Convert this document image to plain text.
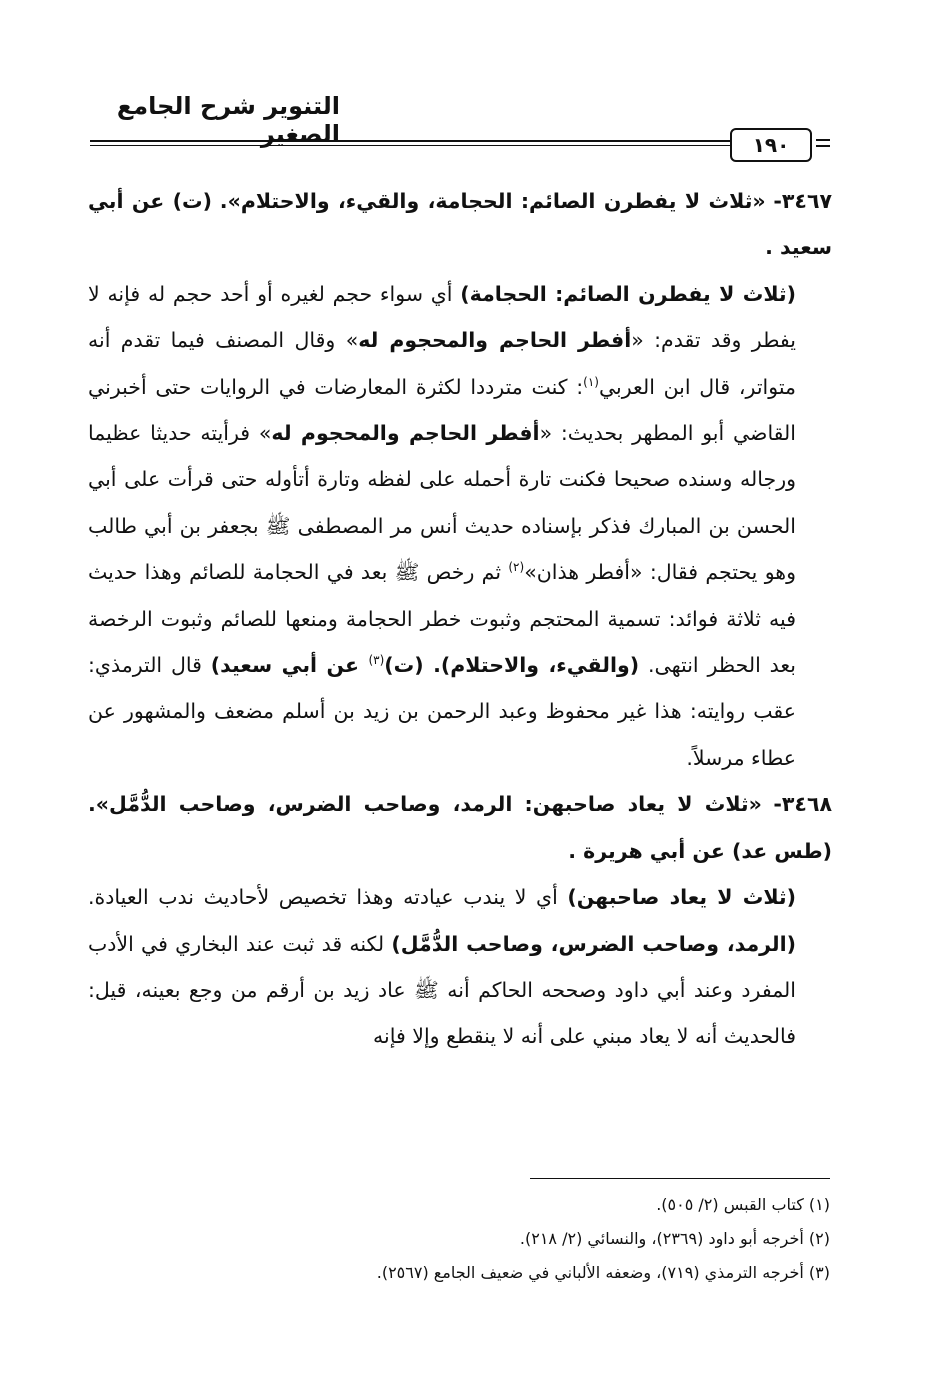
التنوير شرح الجامع الصغير	١٩٠

٣٤٦٧- «ثلاث لا يفطرن الصائم: الحجامة، والقيء، والاحتلام». (ت) عن أبي سعيد .

(ثلاث لا يفطرن الصائم: الحجامة) أي سواء حجم لغيره أو أحد حجم له فإنه لا يفطر وقد تقدم: «أفطر الحاجم والمحجوم له» وقال المصنف فيما تقدم أنه متواتر، قال ابن العربي$^{(١)}$: كنت مترددا لكثرة المعارضات في الروايات حتى أخبرني القاضي أبو المطهر بحديث: «أفطر الحاجم والمحجوم له» فرأيته حديثا عظيما ورجاله وسنده صحيحا فكنت تارة أحمله على لفظه وتارة أتأوله حتى قرأت على أبي الحسن بن المبارك فذكر بإسناده حديث أنس مر المصطفى ﷺ بجعفر بن أبي طالب وهو يحتجم فقال: «أفطر هذان»$^{(٢)}$ ثم رخص ﷺ بعد في الحجامة للصائم وهذا حديث فيه ثلاثة فوائد: تسمية المحتجم وثبوت خطر الحجامة ومنعها للصائم وثبوت الرخصة بعد الحظر انتهى. (والقيء، والاحتلام). (ت)$^{(٣)}$ عن أبي سعيد) قال الترمذي: عقب روايته: هذا غير محفوظ وعبد الرحمن بن زيد بن أسلم مضعف والمشهور عن عطاء مرسلاً.

٣٤٦٨- «ثلاث لا يعاد صاحبهن: الرمد، وصاحب الضرس، وصاحب الدُّمَّل». (طس عد) عن أبي هريرة .

(ثلاث لا يعاد صاحبهن) أي لا يندب عيادته وهذا تخصيص لأحاديث ندب العيادة. (الرمد، وصاحب الضرس، وصاحب الدُّمَّل) لكنه قد ثبت عند البخاري في الأدب المفرد وعند أبي داود وصححه الحاكم أنه ﷺ عاد زيد بن أرقم من وجع بعينه، قيل: فالحديث أنه لا يعاد مبني على أنه لا ينقطع وإلا فإنه

(١) كتاب القبس (٢/ ٥٠٥).

(٢) أخرجه أبو داود (٢٣٦٩)، والنسائي (٢/ ٢١٨).

(٣) أخرجه الترمذي (٧١٩)، وضعفه الألباني في ضعيف الجامع (٢٥٦٧).
